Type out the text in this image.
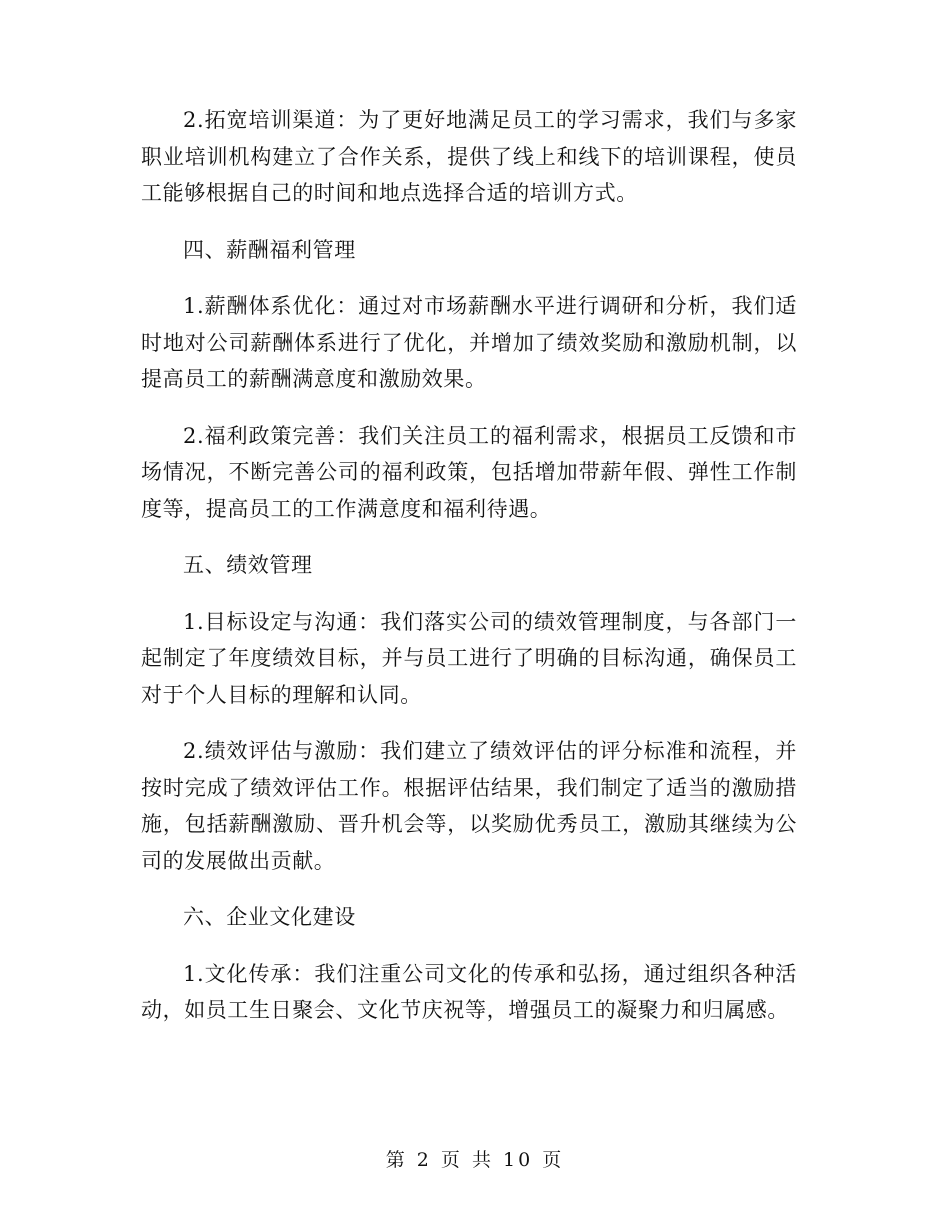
2.拓宽培训渠道：为了更好地满足员工的学习需求，我们与多家职业培训机构建立了合作关系，提供了线上和线下的培训课程，使员工能够根据自己的时间和地点选择合适的培训方式。

四、薪酬福利管理

1.薪酬体系优化：通过对市场薪酬水平进行调研和分析，我们适时地对公司薪酬体系进行了优化，并增加了绩效奖励和激励机制，以提高员工的薪酬满意度和激励效果。

2.福利政策完善：我们关注员工的福利需求，根据员工反馈和市场情况，不断完善公司的福利政策，包括增加带薪年假、弹性工作制度等，提高员工的工作满意度和福利待遇。

五、绩效管理

1.目标设定与沟通：我们落实公司的绩效管理制度，与各部门一起制定了年度绩效目标，并与员工进行了明确的目标沟通，确保员工对于个人目标的理解和认同。

2.绩效评估与激励：我们建立了绩效评估的评分标准和流程，并按时完成了绩效评估工作。根据评估结果，我们制定了适当的激励措施，包括薪酬激励、晋升机会等，以奖励优秀员工，激励其继续为公司的发展做出贡献。

六、企业文化建设

1.文化传承：我们注重公司文化的传承和弘扬，通过组织各种活动，如员工生日聚会、文化节庆祝等，增强员工的凝聚力和归属感。

第 2 页 共 10 页
